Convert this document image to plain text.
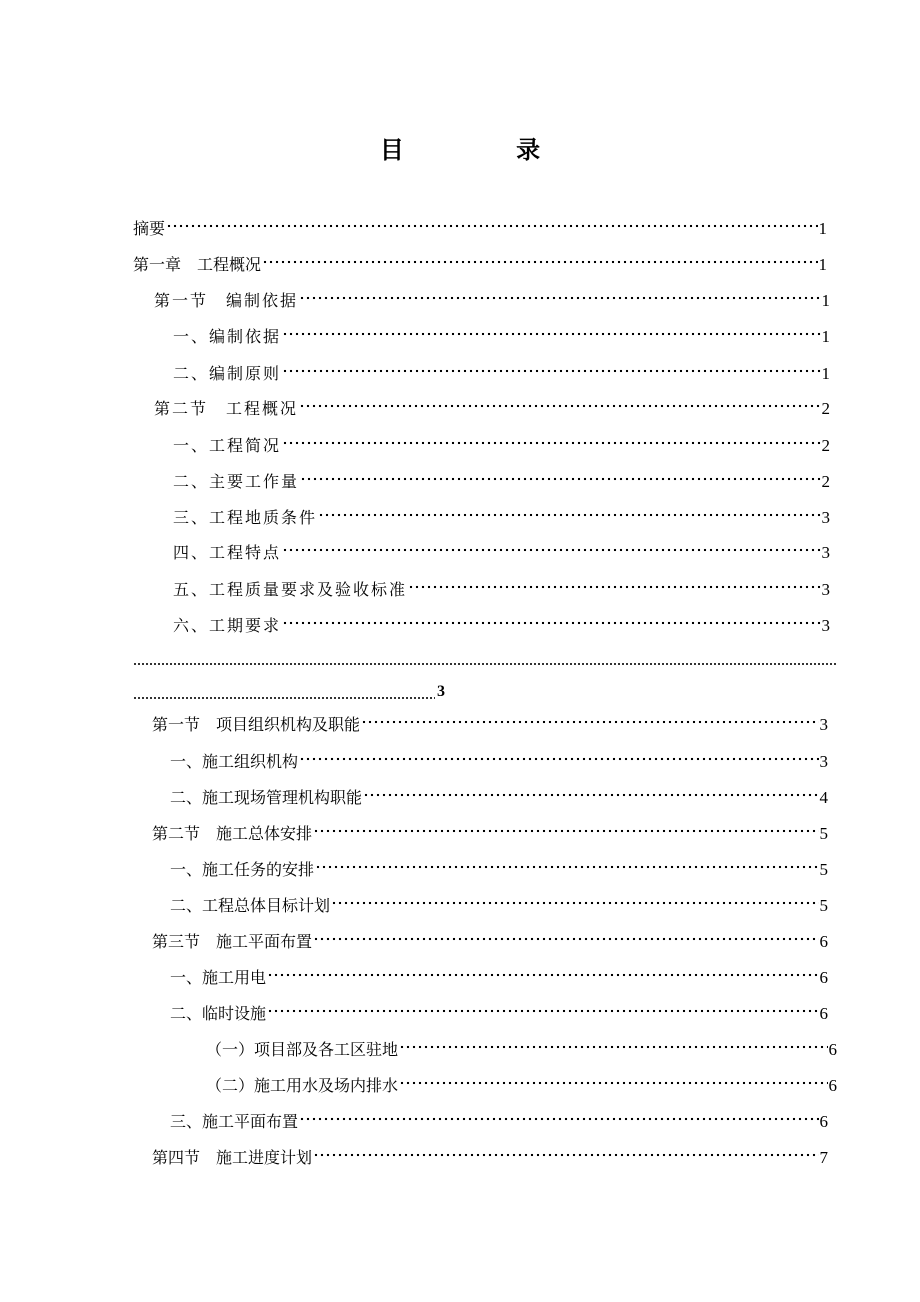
目 录
摘要	1
第一章　工程概况	1
第一节　编制依据	1
一、编制依据	1
二、编制原则	1
第二节　工程概况	2
一、工程简况	2
二、主要工作量	2
三、工程地质条件	3
四、工程特点	3
五、工程质量要求及验收标准	3
六、工期要求	3
3
第一节　项目组织机构及职能	3
一、施工组织机构	3
二、施工现场管理机构职能	4
第二节　施工总体安排	5
一、施工任务的安排	5
二、工程总体目标计划	5
第三节　施工平面布置	6
一、施工用电	6
二、临时设施	6
（一）项目部及各工区驻地	6
（二）施工用水及场内排水	6
三、施工平面布置	6
第四节　施工进度计划	7
